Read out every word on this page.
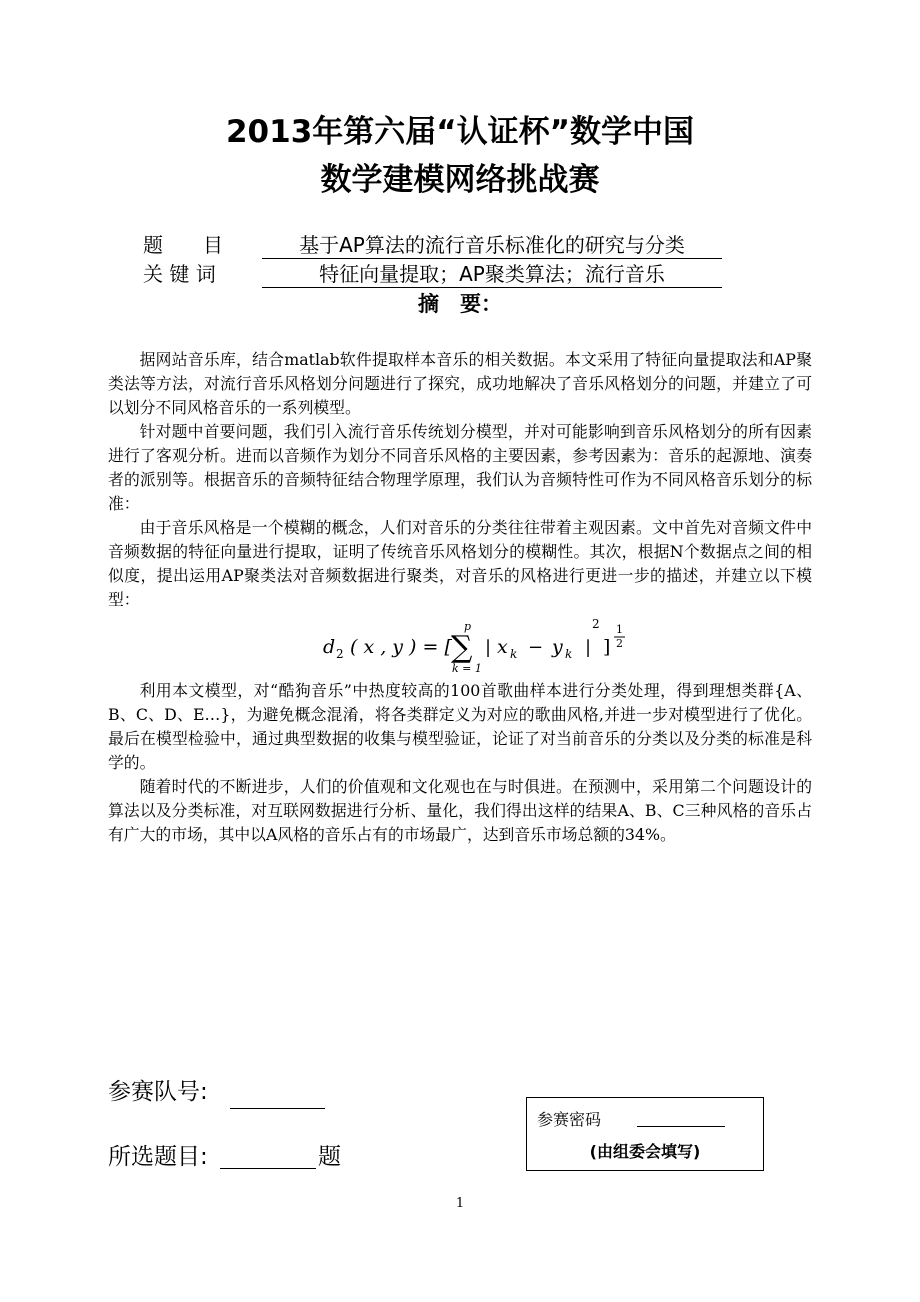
2013年第六届“认证杯”数学中国
数学建模网络挑战赛
题　　目	基于AP算法的流行音乐标准化的研究与分类
关 键 词	特征向量提取；AP聚类算法；流行音乐
摘　要：

据网站音乐库，结合matlab软件提取样本音乐的相关数据。本文采用了特征向量提取法和AP聚类法等方法，对流行音乐风格划分问题进行了探究，成功地解决了音乐风格划分的问题，并建立了可以划分不同风格音乐的一系列模型。

针对题中首要问题，我们引入流行音乐传统划分模型，并对可能影响到音乐风格划分的所有因素进行了客观分析。进而以音频作为划分不同音乐风格的主要因素，参考因素为：音乐的起源地、演奏者的派别等。根据音乐的音频特征结合物理学原理，我们认为音频特性可作为不同风格音乐划分的标准：

由于音乐风格是一个模糊的概念，人们对音乐的分类往往带着主观因素。文中首先对音频文件中音频数据的特征向量进行提取，证明了传统音乐风格划分的模糊性。其次，根据N个数据点之间的相似度，提出运用AP聚类法对音频数据进行聚类，对音乐的风格进行更进一步的描述，并建立以下模型：

d 2 ( x , y ) = [
p
∑
k = 1
| x k − y k |
2
]
1
2

利用本文模型，对“酷狗音乐”中热度较高的100首歌曲样本进行分类处理，得到理想类群{A、B、C、D、E…}，为避免概念混淆，将各类群定义为对应的歌曲风格,并进一步对模型进行了优化。最后在模型检验中，通过典型数据的收集与模型验证，论证了对当前音乐的分类以及分类的标准是科学的。

随着时代的不断进步，人们的价值观和文化观也在与时俱进。在预测中，采用第二个问题设计的算法以及分类标准，对互联网数据进行分析、量化，我们得出这样的结果A、B、C三种风格的音乐占有广大的市场，其中以A风格的音乐占有的市场最广，达到音乐市场总额的34%。

参赛队号:
所选题目:	题
参赛密码
(由组委会填写)
1
